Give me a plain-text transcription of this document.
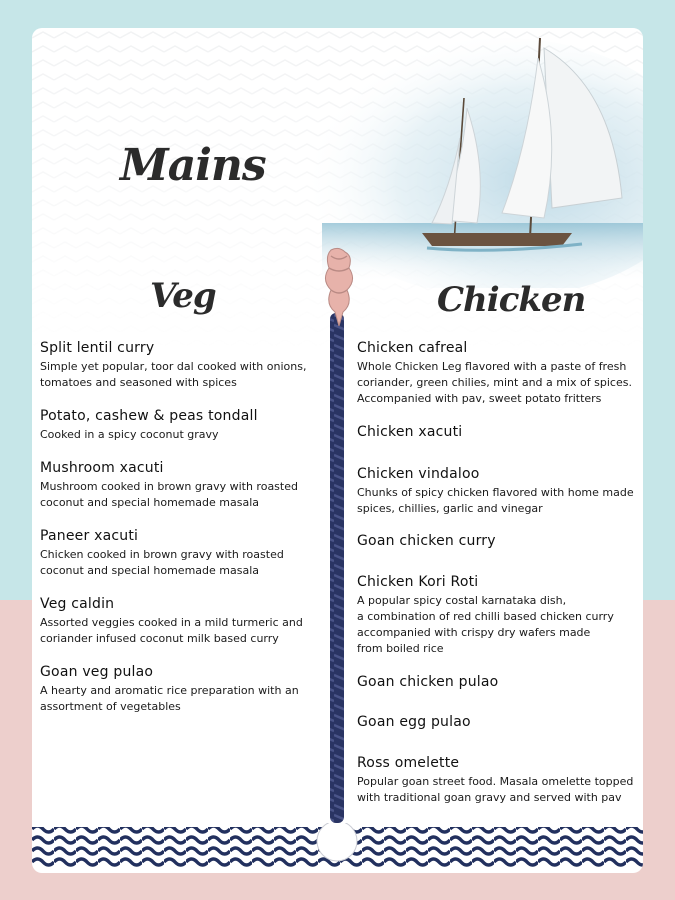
Mains
Veg	Chicken
Split lentil curry

Simple yet popular, toor dal cooked with onions,
tomatoes and seasoned with spices

Potato, cashew & peas tondall

Cooked in a spicy coconut gravy

Mushroom xacuti

Mushroom cooked in brown gravy with roasted
coconut and special homemade masala

Paneer xacuti

Chicken cooked in brown gravy with roasted
coconut and special homemade masala

Veg caldin

Assorted veggies cooked in a mild turmeric and
coriander infused coconut milk based curry

Goan veg pulao

A hearty and aromatic rice preparation with an
assortment of vegetables

Chicken cafreal

Whole Chicken Leg flavored with a paste of fresh
coriander, green chilies, mint and a mix of spices.
Accompanied with pav, sweet potato fritters

Chicken xacuti
Chicken vindaloo

Chunks of spicy chicken flavored with home made
spices, chillies, garlic and vinegar

Goan chicken curry
Chicken Kori Roti

A popular spicy costal karnataka dish,
a combination of red chilli based chicken curry
accompanied with crispy dry wafers made
from boiled rice

Goan chicken pulao
Goan egg pulao
Ross omelette

Popular goan street food. Masala omelette topped
with traditional goan gravy and served with pav
